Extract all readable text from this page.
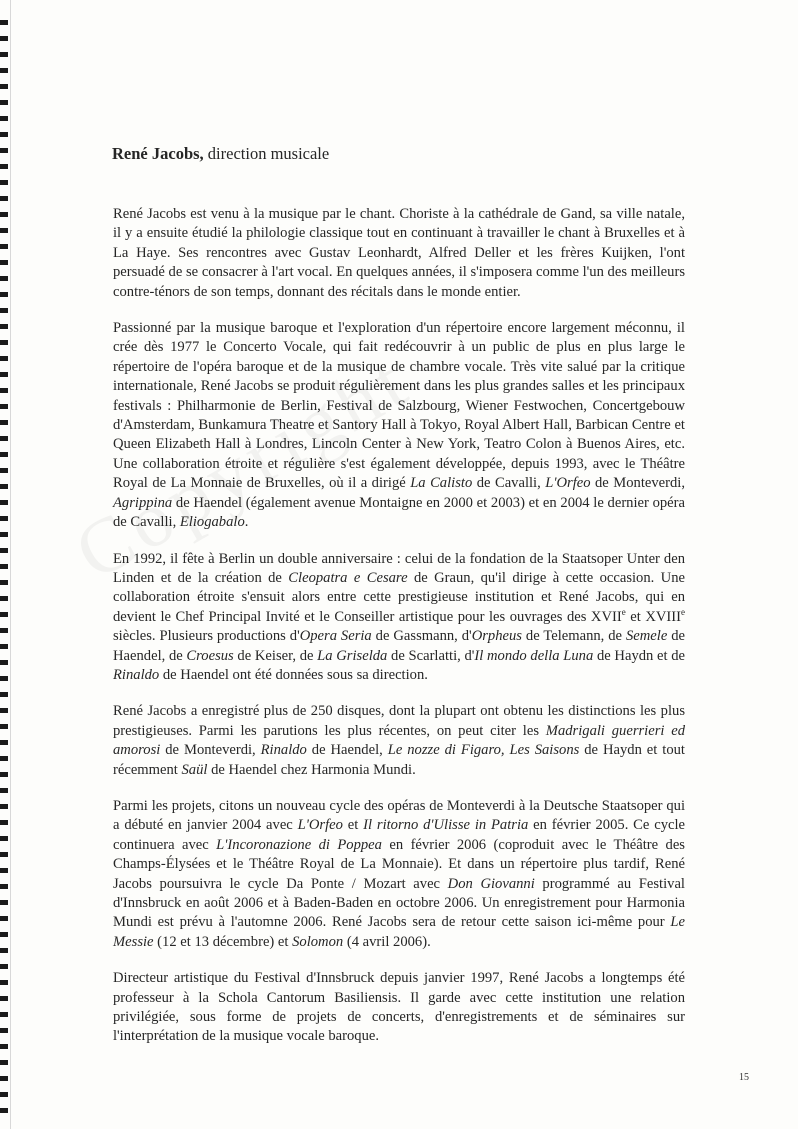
René Jacobs, direction musicale

René Jacobs est venu à la musique par le chant. Choriste à la cathédrale de Gand, sa ville natale, il y a ensuite étudié la philologie classique tout en continuant à travailler le chant à Bruxelles et à La Haye. Ses rencontres avec Gustav Leonhardt, Alfred Deller et les frères Kuijken, l'ont persuadé de se consacrer à l'art vocal. En quelques années, il s'imposera comme l'un des meilleurs contre-ténors de son temps, donnant des récitals dans le monde entier.

Passionné par la musique baroque et l'exploration d'un répertoire encore largement méconnu, il crée dès 1977 le Concerto Vocale, qui fait redécouvrir à un public de plus en plus large le répertoire de l'opéra baroque et de la musique de chambre vocale. Très vite salué par la critique internationale, René Jacobs se produit régulièrement dans les plus grandes salles et les principaux festivals : Philharmonie de Berlin, Festival de Salzbourg, Wiener Festwochen, Concertgebouw d'Amsterdam, Bunkamura Theatre et Santory Hall à Tokyo, Royal Albert Hall, Barbican Centre et Queen Elizabeth Hall à Londres, Lincoln Center à New York, Teatro Colon à Buenos Aires, etc. Une collaboration étroite et régulière s'est également développée, depuis 1993, avec le Théâtre Royal de La Monnaie de Bruxelles, où il a dirigé La Calisto de Cavalli, L'Orfeo de Monteverdi, Agrippina de Haendel (également avenue Montaigne en 2000 et 2003) et en 2004 le dernier opéra de Cavalli, Eliogabalo.

En 1992, il fête à Berlin un double anniversaire : celui de la fondation de la Staatsoper Unter den Linden et de la création de Cleopatra e Cesare de Graun, qu'il dirige à cette occasion. Une collaboration étroite s'ensuit alors entre cette prestigieuse institution et René Jacobs, qui en devient le Chef Principal Invité et le Conseiller artistique pour les ouvrages des XVIIe et XVIIIe siècles. Plusieurs productions d'Opera Seria de Gassmann, d'Orpheus de Telemann, de Semele de Haendel, de Croesus de Keiser, de La Griselda de Scarlatti, d'Il mondo della Luna de Haydn et de Rinaldo de Haendel ont été données sous sa direction.

René Jacobs a enregistré plus de 250 disques, dont la plupart ont obtenu les distinctions les plus prestigieuses. Parmi les parutions les plus récentes, on peut citer les Madrigali guerrieri ed amorosi de Monteverdi, Rinaldo de Haendel, Le nozze di Figaro, Les Saisons de Haydn et tout récemment Saül de Haendel chez Harmonia Mundi.

Parmi les projets, citons un nouveau cycle des opéras de Monteverdi à la Deutsche Staatsoper qui a débuté en janvier 2004 avec L'Orfeo et Il ritorno d'Ulisse in Patria en février 2005. Ce cycle continuera avec L'Incoronazione di Poppea en février 2006 (coproduit avec le Théâtre des Champs-Élysées et le Théâtre Royal de La Monnaie). Et dans un répertoire plus tardif, René Jacobs poursuivra le cycle Da Ponte / Mozart avec Don Giovanni programmé au Festival d'Innsbruck en août 2006 et à Baden-Baden en octobre 2006. Un enregistrement pour Harmonia Mundi est prévu à l'automne 2006. René Jacobs sera de retour cette saison ici-même pour Le Messie (12 et 13 décembre) et Solomon (4 avril 2006).

Directeur artistique du Festival d'Innsbruck depuis janvier 1997, René Jacobs a longtemps été professeur à la Schola Cantorum Basiliensis. Il garde avec cette institution une relation privilégiée, sous forme de projets de concerts, d'enregistrements et de séminaires sur l'interprétation de la musique vocale baroque.

15
